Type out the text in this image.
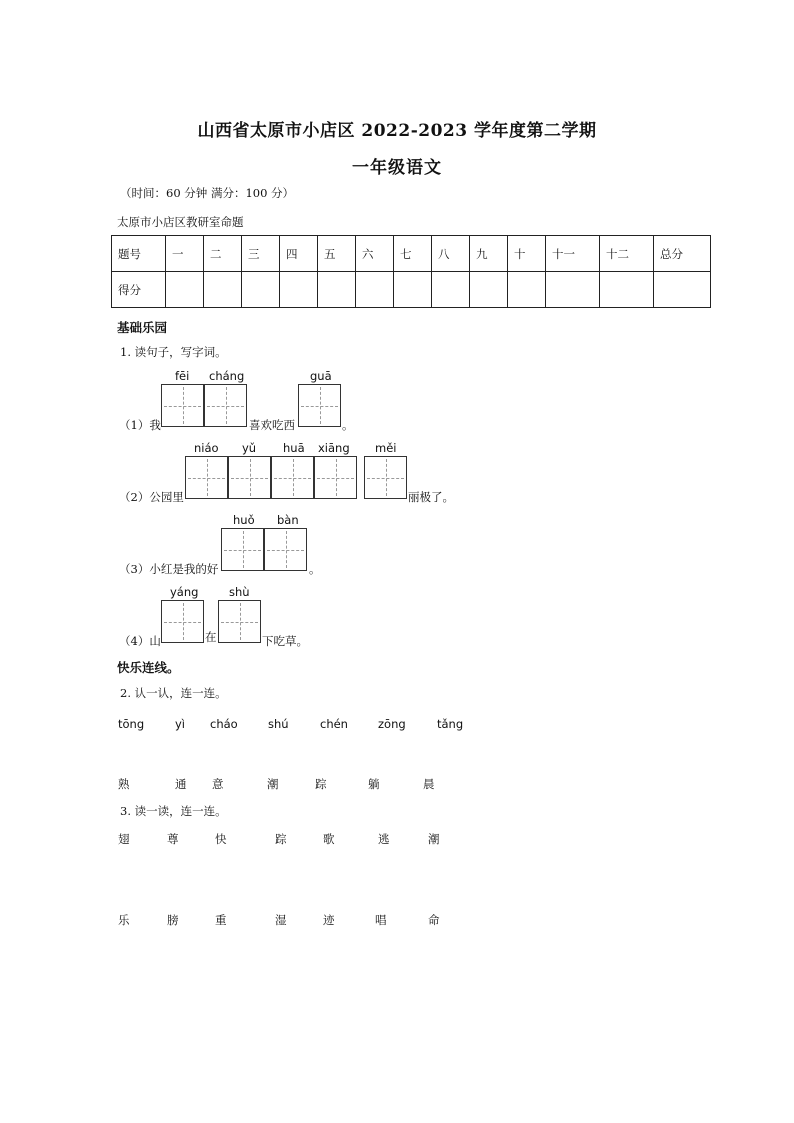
山西省太原市小店区 2022-2023 学年度第二学期
一年级语文
（时间：60 分钟 满分：100 分）
太原市小店区教研室命题
题号	一	二	三	四	五	六	七	八	九	十	十一	十二	总分
得分													
基础乐园
1. 读句子，写字词。
fēi cháng	guā
（1）我	喜欢吃西	。
niáo yǔ huā xiāng měi
（2）公园里	丽极了。
huǒ bàn
（3）小红是我的好	。
yáng	shù
（4）山	在	下吃草。
快乐连线。
2. 认一认，连一连。
tōng	yì cháo	shú	chén	zōng	tǎng
熟	通 意	潮	踪	躺	晨
3. 读一读，连一连。
翅	尊	快	踪	歌	逃	潮
乐	膀	重	湿	迹	唱	命
